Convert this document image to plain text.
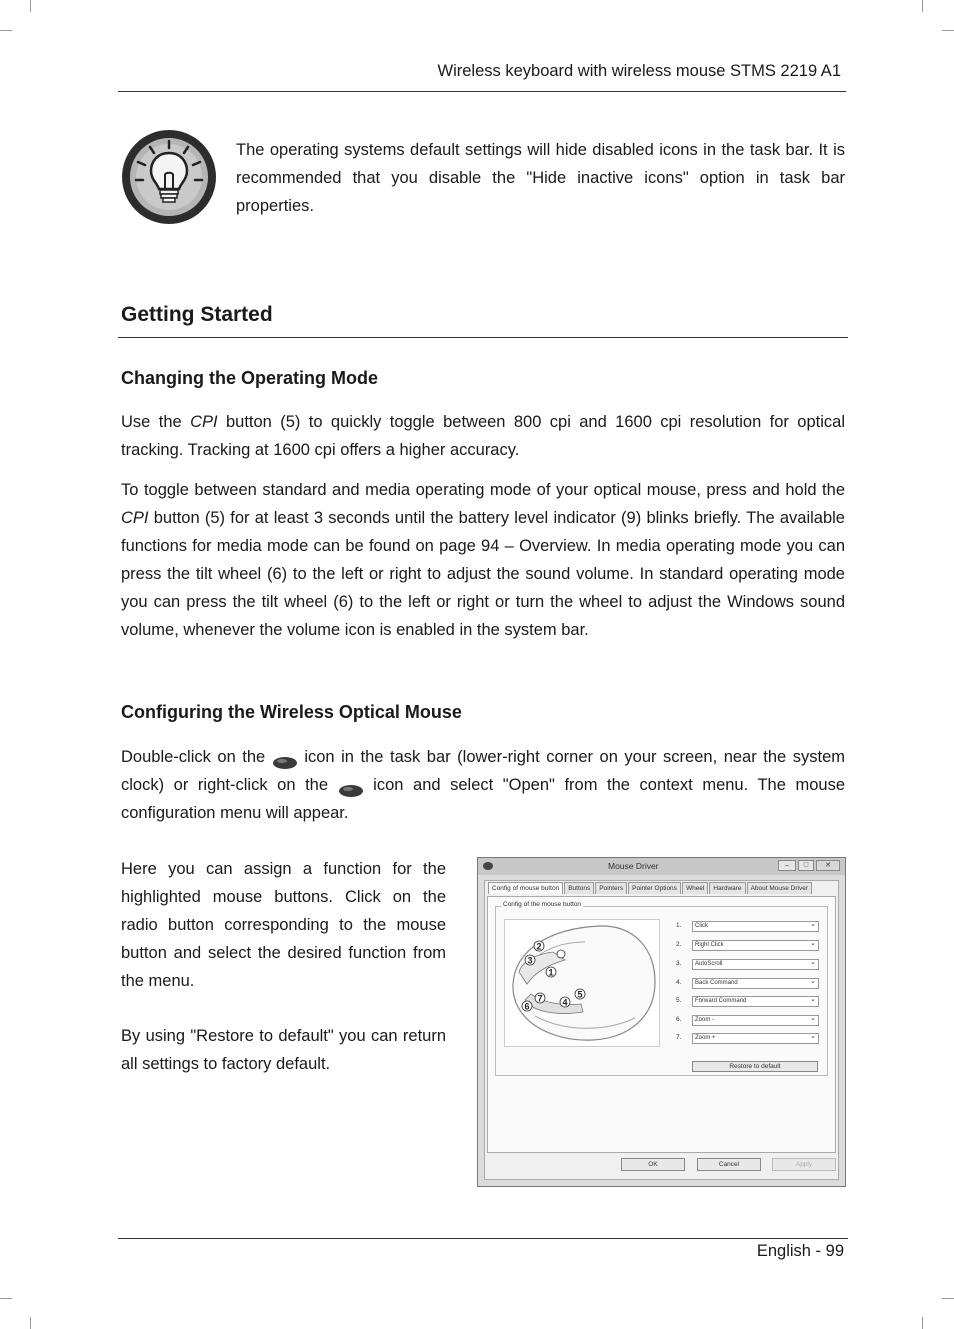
Wireless keyboard with wireless mouse STMS 2219 A1
The operating systems default settings will hide disabled icons in the task bar. It is recommended that you disable the "Hide inactive icons" option in task bar properties.
Getting Started
Changing the Operating Mode
Use the CPI button (5) to quickly toggle between 800 cpi and 1600 cpi resolution for optical tracking. Tracking at 1600 cpi offers a higher accuracy.
To toggle between standard and media operating mode of your optical mouse, press and hold the CPI button (5) for at least 3 seconds until the battery level indicator (9) blinks briefly. The available functions for media mode can be found on page 94 – Overview. In media operating mode you can press the tilt wheel (6) to the left or right to adjust the sound volume. In standard operating mode you can press the tilt wheel (6) to the left or right or turn the wheel to adjust the Windows sound volume, whenever the volume icon is enabled in the system bar.
Configuring the Wireless Optical Mouse
Double-click on the  icon in the task bar (lower-right corner on your screen, near the system clock) or right-click on the  icon and select "Open" from the context menu. The mouse configuration menu will appear.
Here you can assign a function for the highlighted mouse buttons. Click on the radio button corresponding to the mouse button and select the desired function from the menu.
By using "Restore to default" you can return all settings to factory default.
Mouse Driver	–	□	✕
Config of mouse button	Buttons	Pointers	Pointer Options	Wheel	Hardware	About Mouse Driver
Config of the mouse button
1
2
3
4
5
6
7
1.	Click ⌄
2.	Right Click ⌄
3.	AutoScroll ⌄
4.	Back Command ⌄
5.	Forward Command ⌄
6.	Zoom - ⌄
7.	Zoom + ⌄
Restore to default
OK	Cancel	Apply
English - 99
